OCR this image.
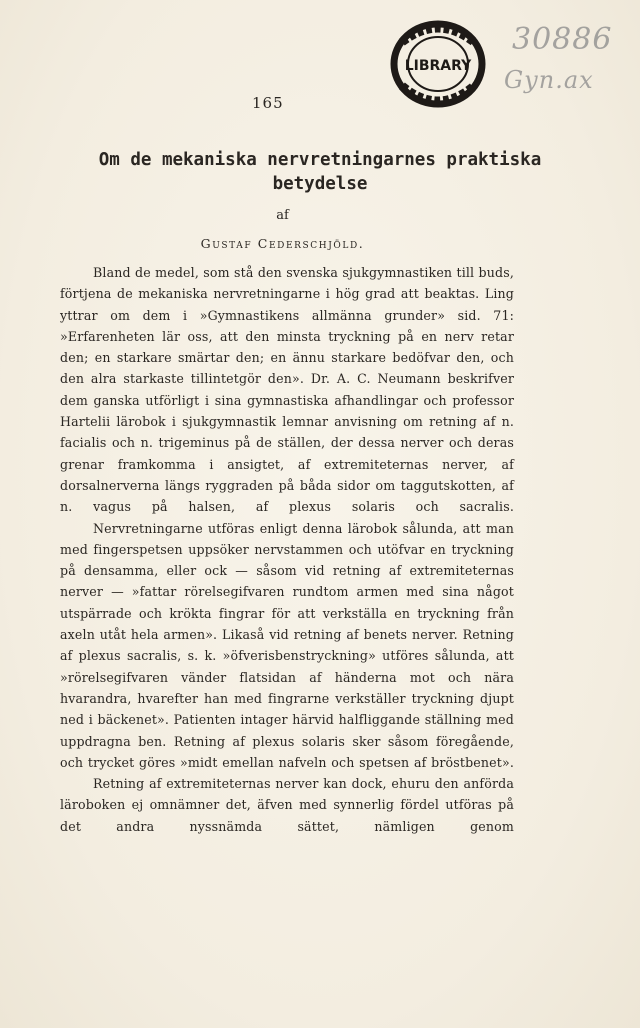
LIBRARY
30886
Gyn.ax
165
Om de mekaniska nervretningarnes praktiska betydelse
af
Gustaf Cederschjöld.

Bland de medel, som stå den svenska sjukgymnastiken till buds, förtjena de mekaniska nervretningarne i hög grad att beaktas. Ling yttrar om dem i »Gymnastikens allmänna grunder» sid. 71: »Erfarenheten lär oss, att den minsta tryckning på en nerv retar den; en starkare smärtar den; en ännu starkare bedöfvar den, och den alra starkaste tillintetgör den». Dr. A. C. Neumann beskrifver dem ganska utförligt i sina gymnastiska afhandlingar och professor Hartelii lärobok i sjukgymnastik lemnar anvisning om retning af n. facialis och n. trigeminus på de ställen, der dessa nerver och deras grenar framkomma i ansigtet, af extremiteternas nerver, af dorsalnerverna längs ryggraden på båda sidor om taggutskotten, af n. vagus på halsen, af plexus solaris och sacralis.

Nervretningarne utföras enligt denna lärobok sålunda, att man med fingerspetsen uppsöker nervstammen och utöfvar en tryckning på densamma, eller ock — såsom vid retning af extremiteternas nerver — »fattar rörelsegifvaren rundtom armen med sina något utspärrade och krökta fingrar för att verkställa en tryckning från axeln utåt hela armen». Likaså vid retning af benets nerver. Retning af plexus sacralis, s. k. »öfverisbenstryckning» utföres sålunda, att »rörelsegifvaren vänder flatsidan af händerna mot och nära hvarandra, hvarefter han med fingrarne verkställer tryckning djupt ned i bäckenet». Patienten intager härvid halfliggande ställning med uppdragna ben. Retning af plexus solaris sker såsom föregående, och trycket göres »midt emellan nafveln och spetsen af bröstbenet».

Retning af extremiteternas nerver kan dock, ehuru den anförda läroboken ej omnämner det, äfven med synnerlig fördel utföras på det andra nyssnämda sättet, nämligen genom
